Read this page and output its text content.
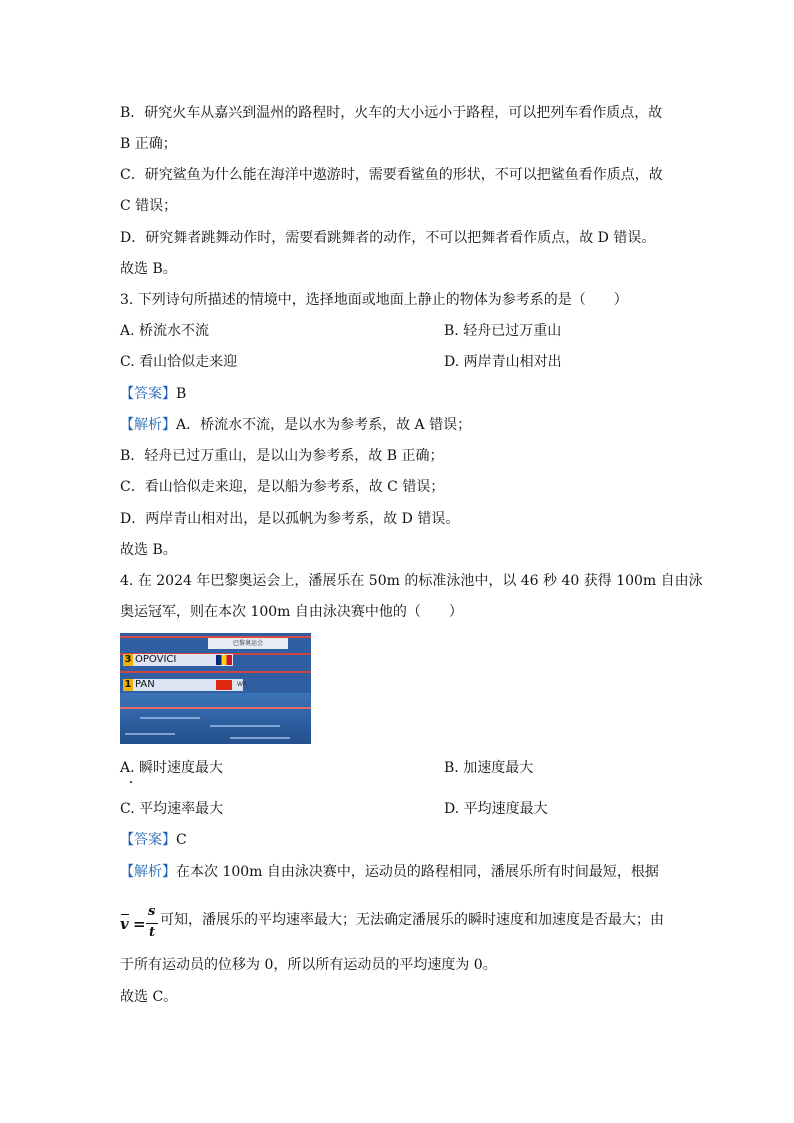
B．研究火车从嘉兴到温州的路程时，火车的大小远小于路程，可以把列车看作质点，故
B 正确；
C．研究鲨鱼为什么能在海洋中遨游时，需要看鲨鱼的形状，不可以把鲨鱼看作质点，故
C 错误；
D．研究舞者跳舞动作时，需要看跳舞者的动作，不可以把舞者看作质点，故 D 错误。
故选 B。
3. 下列诗句所描述的情境中，选择地面或地面上静止的物体为参考系的是（　　）
A. 桥流水不流	B. 轻舟已过万重山
C. 看山恰似走来迎	D. 两岸青山相对出
【答案】B
【解析】A．桥流水不流，是以水为参考系，故 A 错误；
B．轻舟已过万重山，是以山为参考系，故 B 正确；
C．看山恰似走来迎，是以船为参考系，故 C 错误；
D．两岸青山相对出，是以孤帆为参考系，故 D 错误。
故选 B。
4. 在 2024 年巴黎奥运会上，潘展乐在 50m 的标准泳池中，以 46 秒 40 获得 100m 自由泳
奥运冠军，则在本次 100m 自由泳决赛中他的（　　）
巴黎奥运会
3 OPOVICI
1 PAN	WR
A. 瞬时速度最大	B. 加速度最大
C. 平均速率最大	D. 平均速度最大
【答案】C
【解析】在本次 100m 自由泳决赛中，运动员的路程相同，潘展乐所有时间最短，根据
v =
s
t
可知，潘展乐的平均速率最大；无法确定潘展乐的瞬时速度和加速度是否最大；由
于所有运动员的位移为 0，所以所有运动员的平均速度为 0。
故选 C。
